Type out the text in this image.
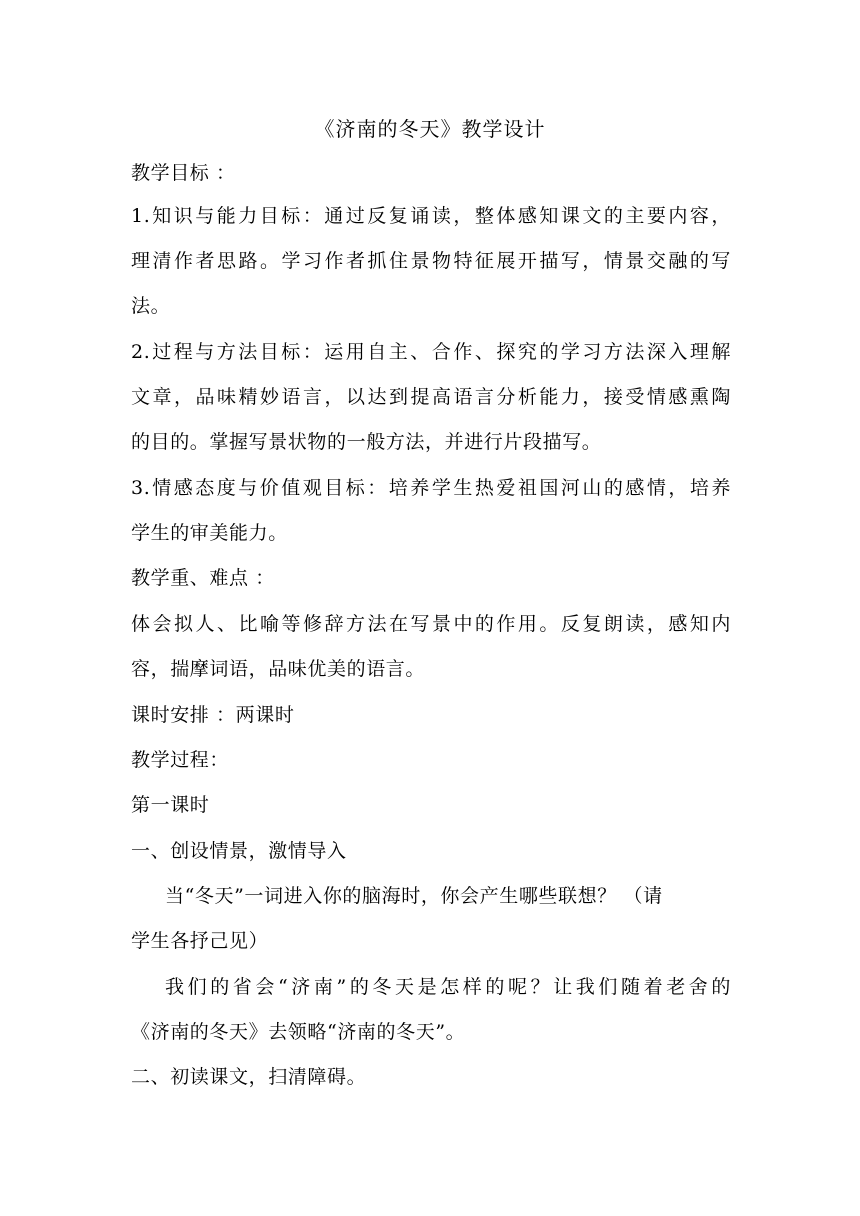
《济南的冬天》教学设计
教学目标 ：
1.知识与能力目标：通过反复诵读，整体感知课文的主要内容，
理清作者思路。学习作者抓住景物特征展开描写，情景交融的写
法。
2.过程与方法目标：运用自主、合作、探究的学习方法深入理解
文章，品味精妙语言，以达到提高语言分析能力，接受情感熏陶
的目的。掌握写景状物的一般方法，并进行片段描写。
3.情感态度与价值观目标：培养学生热爱祖国河山的感情，培养
学生的审美能力。
教学重、难点 ：
体会拟人、比喻等修辞方法在写景中的作用。反复朗读，感知内
容，揣摩词语，品味优美的语言。
课时安排 ：两课时
教学过程：
第一课时
一、创设情景，激情导入
当“冬天”一词进入你的脑海时，你会产生哪些联想？ （请
学生各抒己见）
我们的省会“济南”的冬天是怎样的呢？让我们随着老舍的
《济南的冬天》去领略“济南的冬天”。
二、初读课文，扫清障碍。
